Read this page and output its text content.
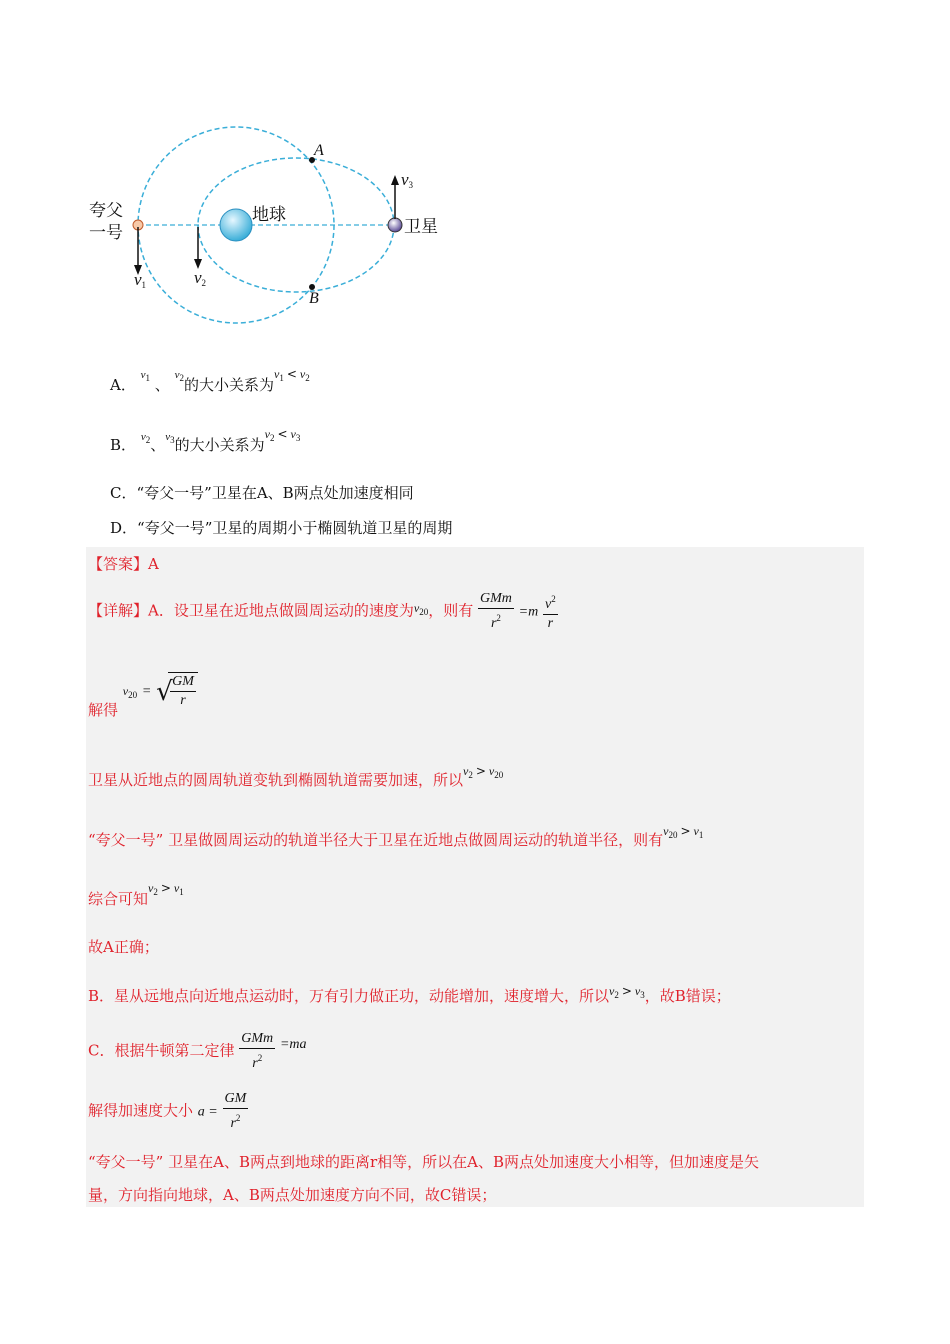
夸父
一号
地球
卫星
A
B
$v_1$	$v_2$
$v_3$
A． $^{v_1}$ 、 $^{v_2}$的大小关系为$^{v_1 < v_2}$
B． $^{v_2}$、$^{v_3}$的大小关系为$^{v_2 < v_3}$
C．“夸父一号”卫星在A、B两点处加速度相同
D．“夸父一号”卫星的周期小于椭圆轨道卫星的周期
【答案】A
【详解】A．设卫星在近地点做圆周运动的速度为$^{v_{20}}$，则有 $\frac{\text{GMm}}{r^2} =m \frac{v^2}{r}$
解得 $v_{20}$ = √
$\frac{GM}{r}$
卫星从近地点的圆周轨道变轨到椭圆轨道需要加速，所以$^{v_2 > v_{20}}$
“夸父一号” 卫星做圆周运动的轨道半径大于卫星在近地点做圆周运动的轨道半径，则有$^{v_{20} > v_1}$
综合可知$^{v_2 > v_1}$
故A正确；
B．星从远地点向近地点运动时，万有引力做正功，动能增加，速度增大，所以$^{v_2 > v_3}$，故B错误；
C．根据牛顿第二定律 $\frac{\text{GMm}}{r^2} =ma$
解得加速度大小 $a = \frac{GM}{r^2}$
“夸父一号” 卫星在A、B两点到地球的距离r相等，所以在A、B两点处加速度大小相等，但加速度是矢
量，方向指向地球，A、B两点处加速度方向不同，故C错误；
